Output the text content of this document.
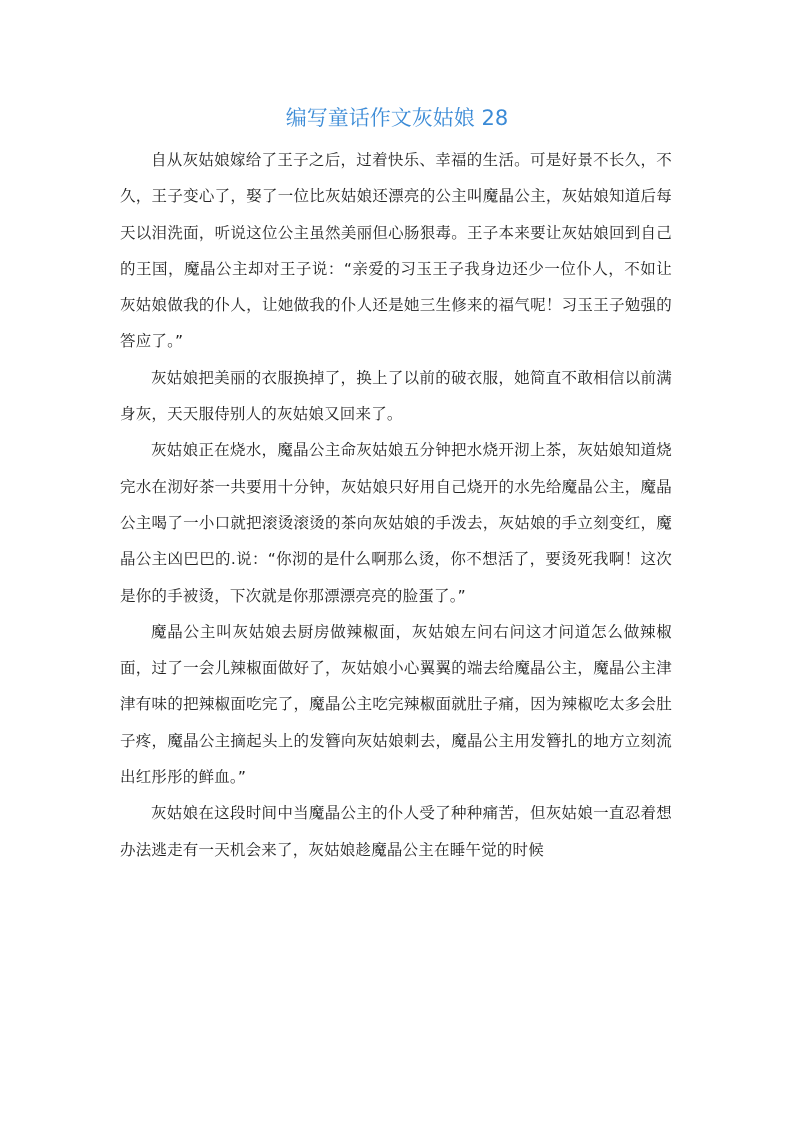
编写童话作文灰姑娘 28

自从灰姑娘嫁给了王子之后，过着快乐、幸福的生活。可是好景不长久，不久，王子变心了，娶了一位比灰姑娘还漂亮的公主叫魔晶公主，灰姑娘知道后每天以泪洗面，听说这位公主虽然美丽但心肠狠毒。王子本来要让灰姑娘回到自己的王国，魔晶公主却对王子说：“亲爱的习玉王子我身边还少一位仆人，不如让灰姑娘做我的仆人，让她做我的仆人还是她三生修来的福气呢！习玉王子勉强的答应了。”

灰姑娘把美丽的衣服换掉了，换上了以前的破衣服，她简直不敢相信以前满身灰，天天服侍别人的灰姑娘又回来了。

灰姑娘正在烧水，魔晶公主命灰姑娘五分钟把水烧开沏上茶，灰姑娘知道烧完水在沏好茶一共要用十分钟，灰姑娘只好用自己烧开的水先给魔晶公主，魔晶公主喝了一小口就把滚烫滚烫的茶向灰姑娘的手泼去，灰姑娘的手立刻变红，魔晶公主凶巴巴的.说：“你沏的是什么啊那么烫，你不想活了，要烫死我啊！这次是你的手被烫，下次就是你那漂漂亮亮的脸蛋了。”

魔晶公主叫灰姑娘去厨房做辣椒面，灰姑娘左问右问这才问道怎么做辣椒面，过了一会儿辣椒面做好了，灰姑娘小心翼翼的端去给魔晶公主，魔晶公主津津有味的把辣椒面吃完了，魔晶公主吃完辣椒面就肚子痛，因为辣椒吃太多会肚子疼，魔晶公主摘起头上的发簪向灰姑娘刺去，魔晶公主用发簪扎的地方立刻流出红彤彤的鲜血。”

灰姑娘在这段时间中当魔晶公主的仆人受了种种痛苦，但灰姑娘一直忍着想办法逃走有一天机会来了，灰姑娘趁魔晶公主在睡午觉的时候
